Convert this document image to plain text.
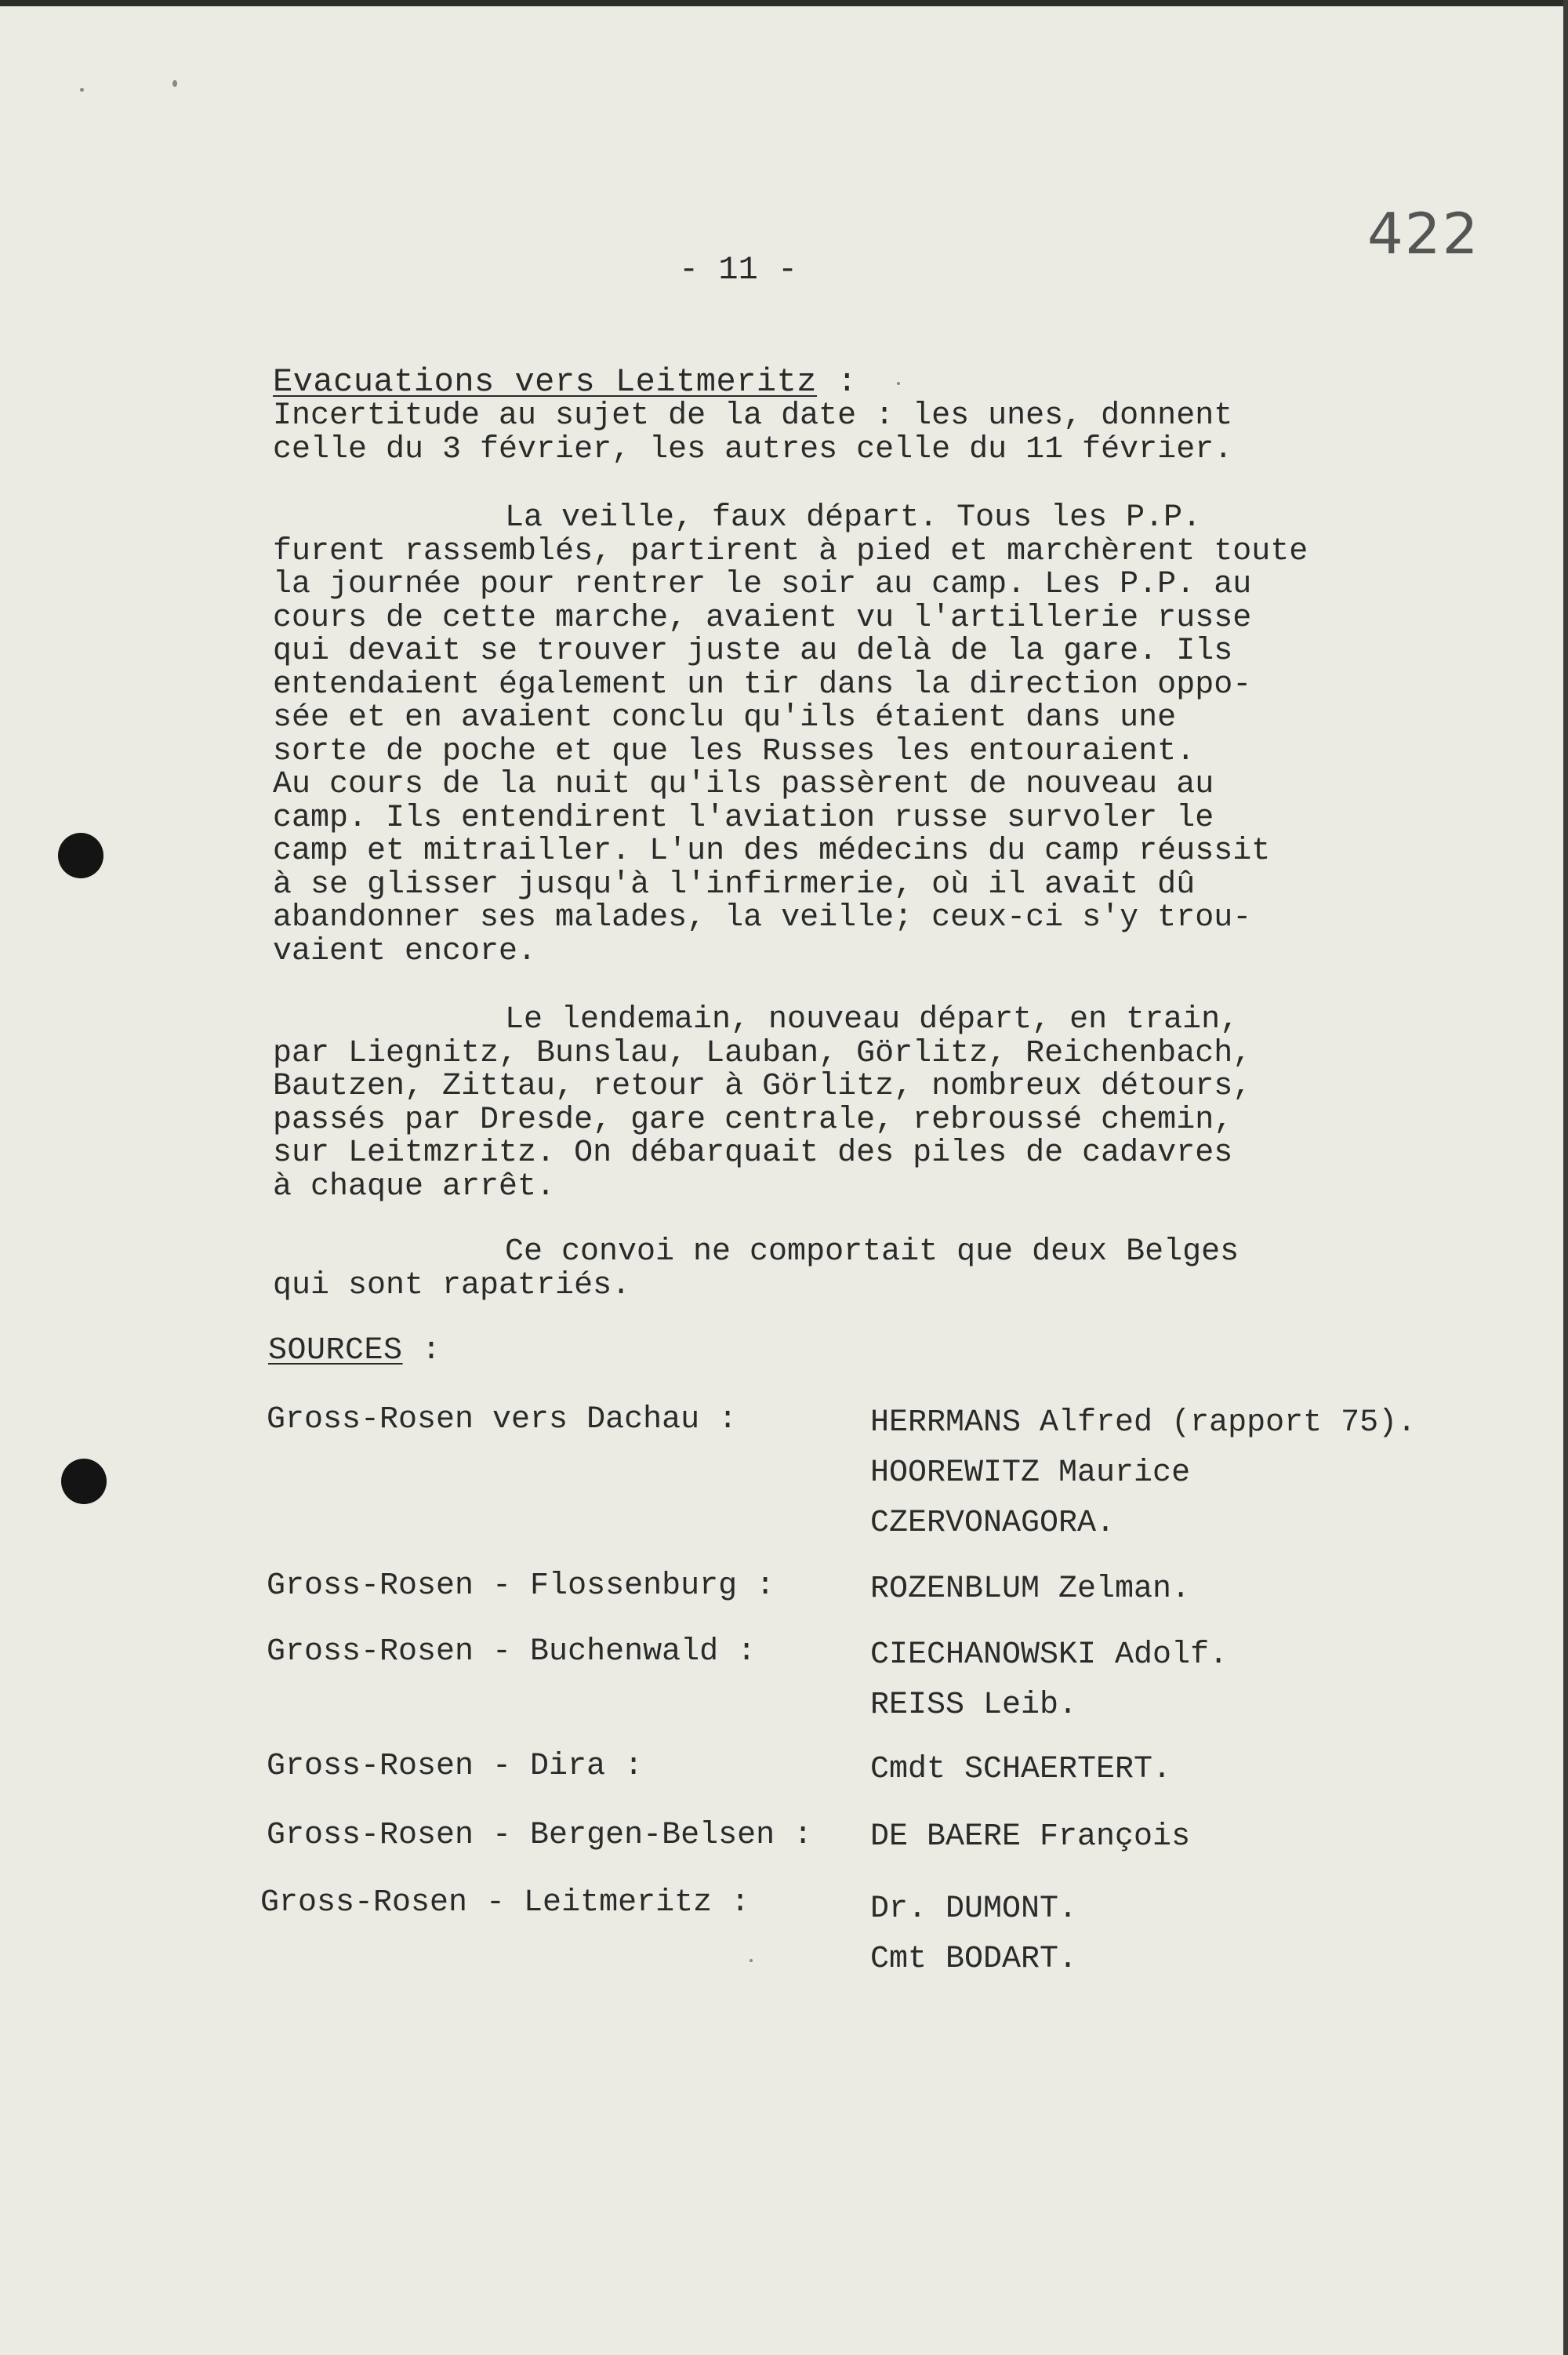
422
- 11 -
Evacuations vers Leitmeritz :
Incertitude au sujet de la date : les unes, donnent
celle du 3 février, les autres celle du 11 février.
La veille, faux départ. Tous les P.P.
furent rassemblés, partirent à pied et marchèrent toute
la journée pour rentrer le soir au camp. Les P.P. au
cours de cette marche, avaient vu l'artillerie russe
qui devait se trouver juste au delà de la gare. Ils
entendaient également un tir dans la direction oppo-
sée et en avaient conclu qu'ils étaient dans une
sorte de poche et que les Russes les entouraient.
Au cours de la nuit qu'ils passèrent de nouveau au
camp. Ils entendirent l'aviation russe survoler le
camp et mitrailler. L'un des médecins du camp réussit
à se glisser jusqu'à l'infirmerie, où il avait dû
abandonner ses malades, la veille; ceux-ci s'y trou-
vaient encore.
Le lendemain, nouveau départ, en train,
par Liegnitz, Bunslau, Lauban, Görlitz, Reichenbach,
Bautzen, Zittau, retour à Görlitz, nombreux détours,
passés par Dresde, gare centrale, rebroussé chemin,
sur Leitmzritz. On débarquait des piles de cadavres
à chaque arrêt.
Ce convoi ne comportait que deux Belges
qui sont rapatriés.
SOURCES :
Gross-Rosen vers Dachau :	HERRMANS Alfred (rapport 75).
HOOREWITZ Maurice
CZERVONAGORA.
Gross-Rosen - Flossenburg :	ROZENBLUM Zelman.
Gross-Rosen - Buchenwald :	CIECHANOWSKI Adolf.
REISS Leib.
Gross-Rosen - Dira :	Cmdt SCHAERTERT.
Gross-Rosen - Bergen-Belsen : DE BAERE François
Gross-Rosen - Leitmeritz :	Dr. DUMONT.
Cmt BODART.
